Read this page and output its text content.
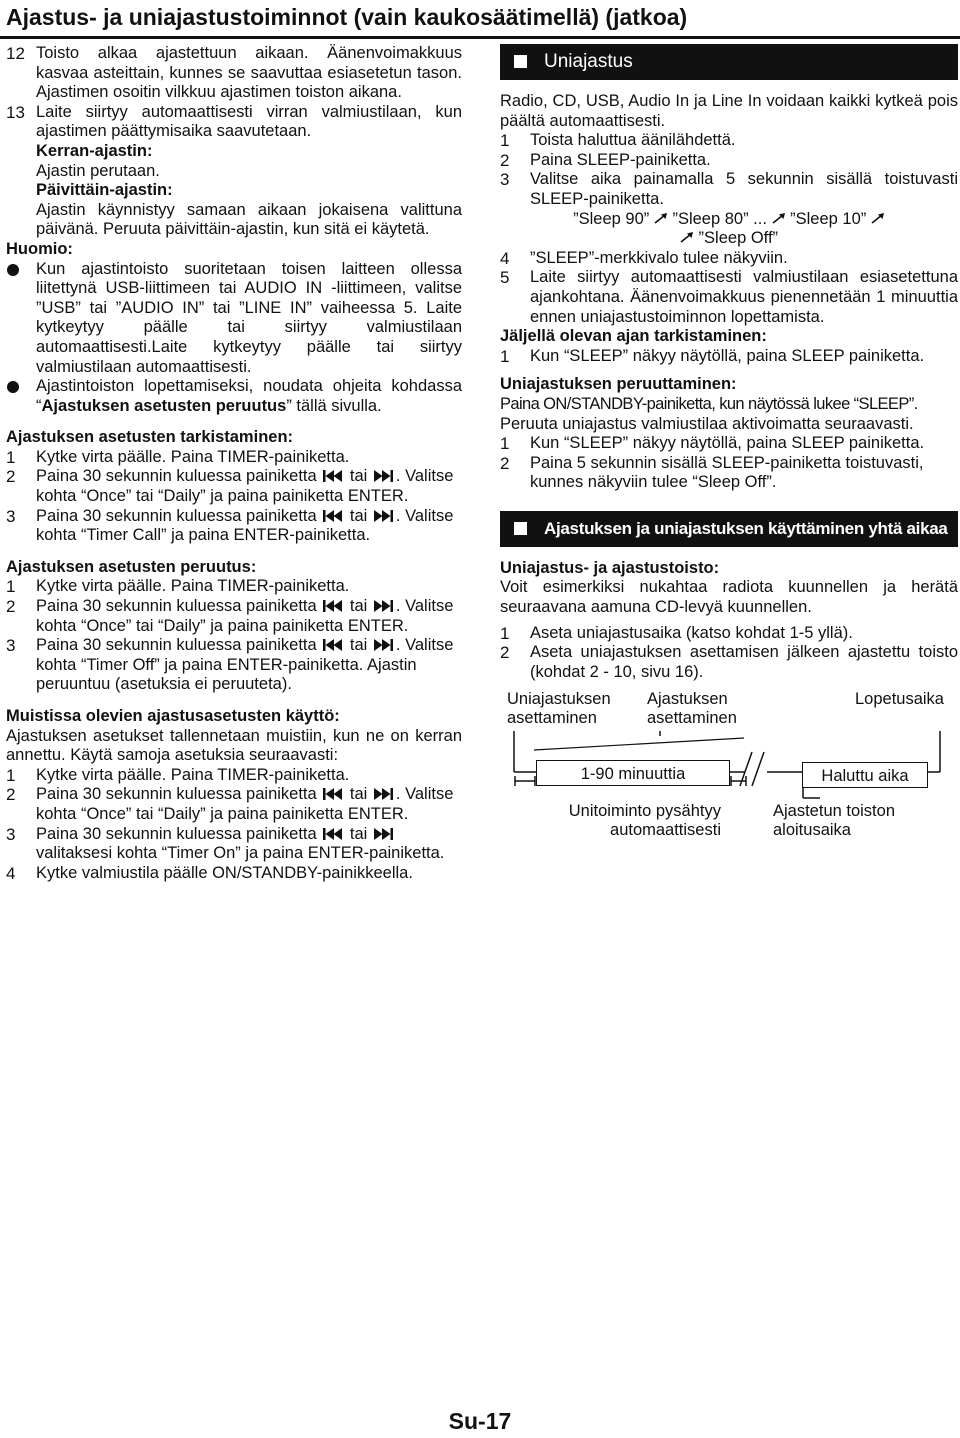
Ajastus- ja uniajastustoiminnot (vain kaukosäätimellä) (jatkoa)
12 Toisto alkaa ajastettuun aikaan. Äänenvoimakkuus kasvaa asteittain, kunnes se saavuttaa esiasetetun tason. Ajastimen osoitin vilkkuu ajastimen toiston aikana.
13 Laite siirtyy automaattisesti virran valmiustilaan, kun ajastimen päättymisaika saavutetaan.
Kerran-ajastin:
Ajastin perutaan.
Päivittäin-ajastin:
Ajastin käynnistyy samaan aikaan jokaisena valittuna päivänä. Peruuta päivittäin-ajastin, kun sitä ei käytetä.
Huomio:
Kun ajastintoisto suoritetaan toisen laitteen ollessa liitettynä USB-liittimeen tai AUDIO IN -liittimeen, valitse ”USB” tai ”AUDIO IN” tai ”LINE IN” vaiheessa 5. Laite kytkeytyy päälle tai siirtyy valmiustilaan automaattisesti.Laite kytkeytyy päälle tai siirtyy valmiustilaan automaattisesti.
Ajastintoiston lopettamiseksi, noudata ohjeita kohdassa “Ajastuksen asetusten peruutus” tällä sivulla.
Ajastuksen asetusten tarkistaminen:
1 Kytke virta päälle. Paina TIMER-painiketta.
2 Paina 30 sekunnin kuluessa painiketta tai . Valitse kohta “Once” tai “Daily” ja paina painiketta ENTER.
3 Paina 30 sekunnin kuluessa painiketta tai . Valitse kohta “Timer Call” ja paina ENTER-painiketta.
Ajastuksen asetusten peruutus:
1 Kytke virta päälle. Paina TIMER-painiketta.
2 Paina 30 sekunnin kuluessa painiketta tai . Valitse kohta “Once” tai “Daily” ja paina painiketta ENTER.
3 Paina 30 sekunnin kuluessa painiketta tai . Valitse kohta “Timer Off” ja paina ENTER-painiketta. Ajastin peruuntuu (asetuksia ei peruuteta).
Muistissa olevien ajastusasetusten käyttö:
Ajastuksen asetukset tallennetaan muistiin, kun ne on kerran annettu. Käytä samoja asetuksia seuraavasti:
1 Kytke virta päälle. Paina TIMER-painiketta.
2 Paina 30 sekunnin kuluessa painiketta tai . Valitse kohta “Once” tai “Daily” ja paina painiketta ENTER.
3 Paina 30 sekunnin kuluessa painiketta tai  valitaksesi kohta “Timer On” ja paina ENTER-painiketta.
4 Kytke valmiustila päälle ON/STANDBY-painikkeella.
Uniajastus
Radio, CD, USB, Audio In ja Line In voidaan kaikki kytkeä pois päältä automaattisesti.
1 Toista haluttua äänilähdettä.
2 Paina SLEEP-painiketta.
3 Valitse aika painamalla 5 sekunnin sisällä toistuvasti SLEEP-painiketta.
”Sleep 90” ”Sleep 80” ... ”Sleep 10”
”Sleep Off”
4 ”SLEEP”-merkkivalo tulee näkyviin.
5 Laite siirtyy automaattisesti valmiustilaan esiasetettuna ajankohtana. Äänenvoimakkuus pienennetään 1 minuuttia ennen uniajastustoiminnon lopettamista.
Jäljellä olevan ajan tarkistaminen:
1 Kun “SLEEP” näkyy näytöllä, paina SLEEP painiketta.
Uniajastuksen peruuttaminen:
Paina ON/STANDBY-painiketta, kun näytössä lukee “SLEEP”.
Peruuta uniajastus valmiustilaa aktivoimatta seuraavasti.
1 Kun “SLEEP” näkyy näytöllä, paina SLEEP painiketta.
2 Paina 5 sekunnin sisällä SLEEP-painiketta toistuvasti, kunnes näkyviin tulee “Sleep Off”.
Ajastuksen ja uniajastuksen käyttäminen yhtä aikaa
Uniajastus- ja ajastustoisto:
Voit esimerkiksi nukahtaa radiota kuunnellen ja herätä seuraavana aamuna CD-levyä kuunnellen.
1 Aseta uniajastusaika (katso kohdat 1-5 yllä).
2 Aseta uniajastuksen asettamisen jälkeen ajastettu toisto (kohdat 2 - 10, sivu 16).
Uniajastuksen
asettaminen
Ajastuksen
asettaminen
Lopetusaika
1-90 minuuttia	Haluttu aika
Unitoiminto pysähtyy
automaattisesti
Ajastetun toiston
aloitusaika
Su-17
